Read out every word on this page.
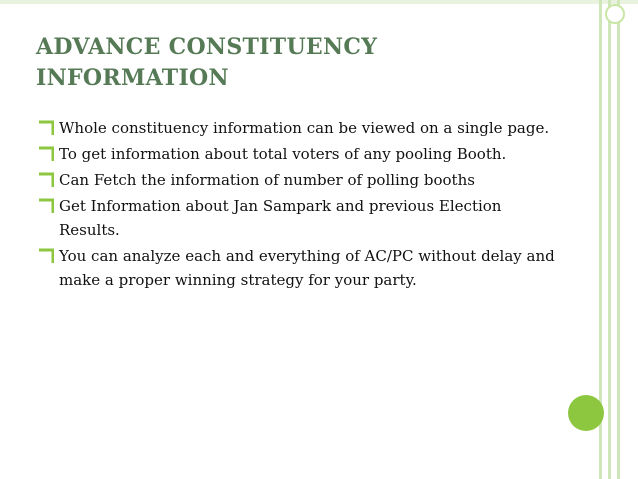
ADVANCE CONSTITUENCY INFORMATION
Whole constituency information can be viewed on a single page.
To get information about total voters of any pooling Booth.
Can Fetch the information of number of polling booths
Get Information about Jan Sampark and previous Election Results.
You can analyze each and everything of AC/PC without delay and make a proper winning strategy for your party.
